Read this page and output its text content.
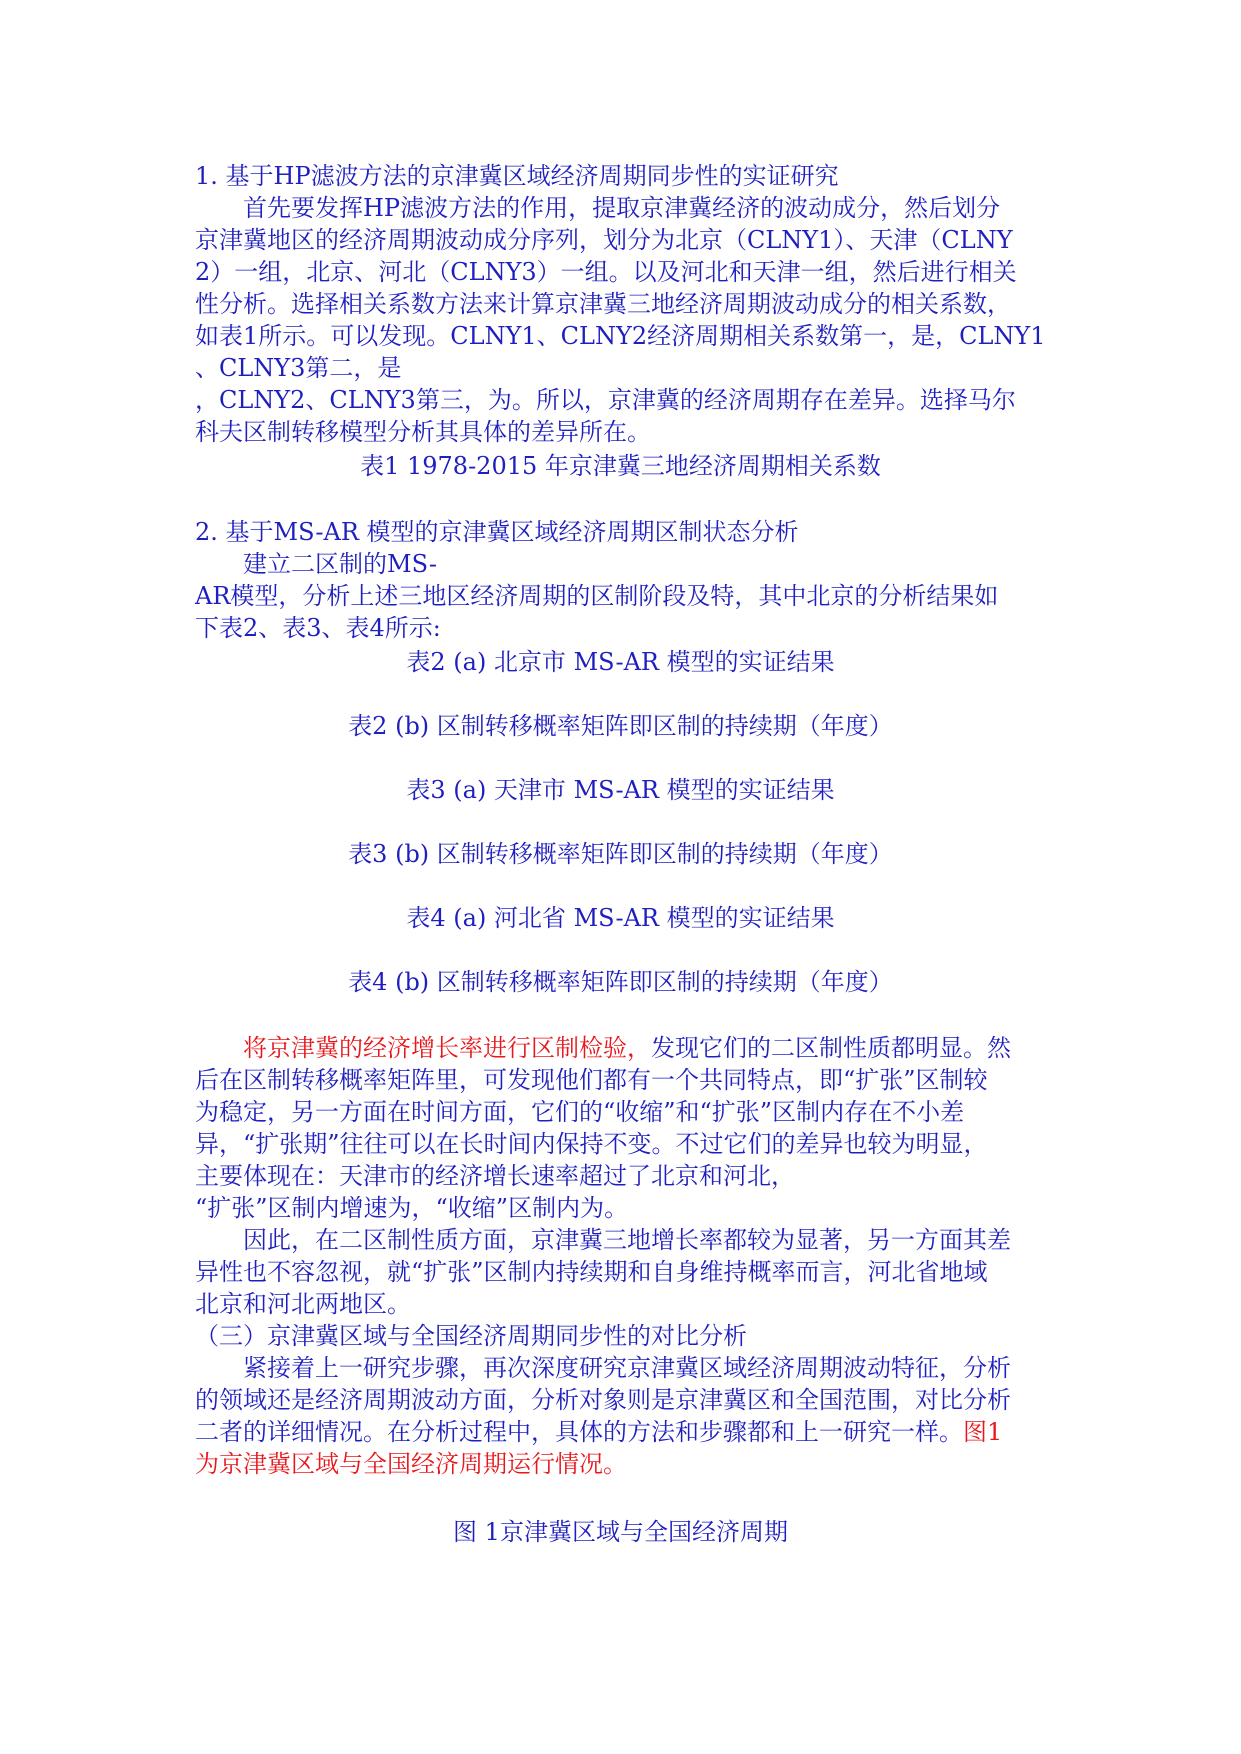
1. 基于HP滤波方法的京津冀区域经济周期同步性的实证研究
首先要发挥HP滤波方法的作用，提取京津冀经济的波动成分，然后划分
京津冀地区的经济周期波动成分序列，划分为北京（CLNY1）、天津（CLNY
2）一组，北京、河北（CLNY3）一组。以及河北和天津一组，然后进行相关
性分析。选择相关系数方法来计算京津冀三地经济周期波动成分的相关系数，
如表1所示。可以发现。CLNY1、CLNY2经济周期相关系数第一，是，CLNY1
、CLNY3第二，是
，CLNY2、CLNY3第三，为。所以，京津冀的经济周期存在差异。选择马尔
科夫区制转移模型分析其具体的差异所在。
表1 1978-2015 年京津冀三地经济周期相关系数
2. 基于MS-AR 模型的京津冀区域经济周期区制状态分析
建立二区制的MS-
AR模型，分析上述三地区经济周期的区制阶段及特，其中北京的分析结果如
下表2、表3、表4所示:
表2 (a) 北京市 MS-AR 模型的实证结果
表2 (b) 区制转移概率矩阵即区制的持续期（年度）
表3 (a) 天津市 MS-AR 模型的实证结果
表3 (b) 区制转移概率矩阵即区制的持续期（年度）
表4 (a) 河北省 MS-AR 模型的实证结果
表4 (b) 区制转移概率矩阵即区制的持续期（年度）
将京津冀的经济增长率进行区制检验，发现它们的二区制性质都明显。然
后在区制转移概率矩阵里，可发现他们都有一个共同特点，即“扩张”区制较
为稳定，另一方面在时间方面，它们的“收缩”和“扩张”区制内存在不小差
异，“扩张期”往往可以在长时间内保持不变。不过它们的差异也较为明显，
主要体现在：天津市的经济增长速率超过了北京和河北，
“扩张”区制内增速为，“收缩”区制内为。
因此，在二区制性质方面，京津冀三地增长率都较为显著，另一方面其差
异性也不容忽视，就“扩张”区制内持续期和自身维持概率而言，河北省地域
北京和河北两地区。
（三）京津冀区域与全国经济周期同步性的对比分析
紧接着上一研究步骤，再次深度研究京津冀区域经济周期波动特征，分析
的领域还是经济周期波动方面，分析对象则是京津冀区和全国范围，对比分析
二者的详细情况。在分析过程中，具体的方法和步骤都和上一研究一样。图1
为京津冀区域与全国经济周期运行情况。
图 1京津冀区域与全国经济周期
